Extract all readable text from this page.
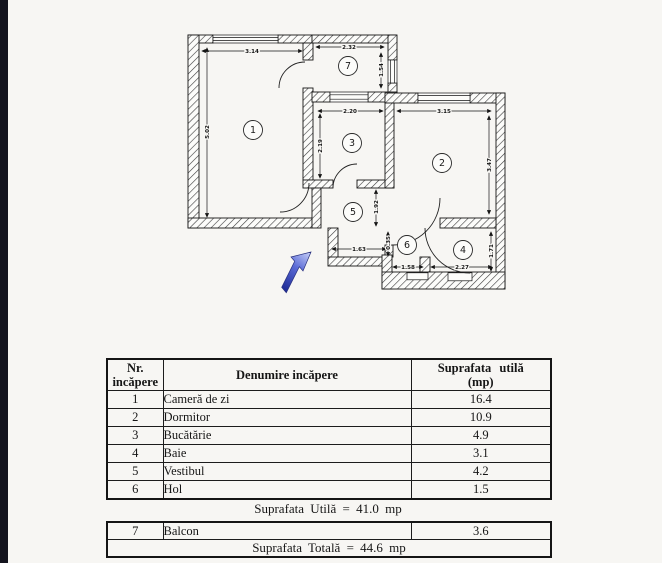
3.14
5.02
2.32
1.54
2.20
2.19
3.15
3.47
1.92
1.63	0.35
1.58	2.27
1.71
1
2
3
4
5
6
7
Nr.
incăpere	Denumire incăpere	Suprafata utilă
(mp)

1	Cameră de zi	16.4
2	Dormitor	10.9
3	Bucătărie	4.9
4	Baie	3.1
5	Vestibul	4.2
6	Hol	1.5
Suprafata Utilă = 41.0 mp
7	Balcon	3.6
Suprafata Totală = 44.6 mp
